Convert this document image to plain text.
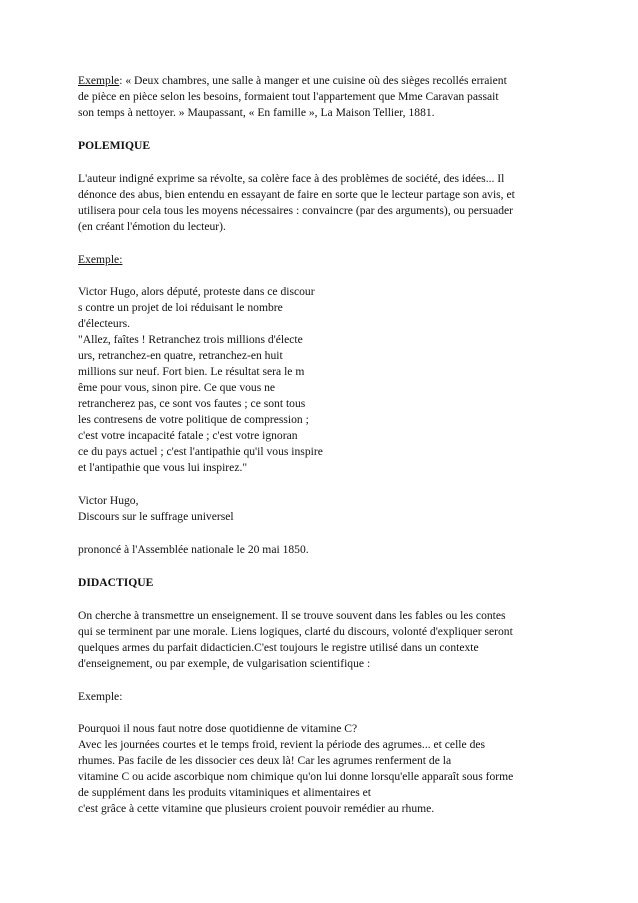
Exemple: « Deux chambres, une salle à manger et une cuisine où des sièges recollés erraient
de pièce en pièce selon les besoins, formaient tout l'appartement que Mme Caravan passait
son temps à nettoyer. » Maupassant, « En famille », La Maison Tellier, 1881.

POLEMIQUE

L'auteur indigné exprime sa révolte, sa colère face à des problèmes de société, des idées... Il
dénonce des abus, bien entendu en essayant de faire en sorte que le lecteur partage son avis, et
utilisera pour cela tous les moyens nécessaires : convaincre (par des arguments), ou persuader
(en créant l'émotion du lecteur).

Exemple:

Victor Hugo, alors député, proteste dans ce discour
s contre un projet de loi réduisant le nombre
d'électeurs.
"Allez, faîtes ! Retranchez trois millions d'électe
urs, retranchez-en quatre, retranchez-en huit
millions sur neuf. Fort bien. Le résultat sera le m
ême pour vous, sinon pire. Ce que vous ne
retrancherez pas, ce sont vos fautes ; ce sont tous
les contresens de votre politique de compression ;
c'est votre incapacité fatale ; c'est votre ignoran
ce du pays actuel ; c'est l'antipathie qu'il vous inspire
et l'antipathie que vous lui inspirez."

Victor Hugo,
Discours sur le suffrage universel

prononcé à l'Assemblée nationale le 20 mai 1850.

DIDACTIQUE

On cherche à transmettre un enseignement. Il se trouve souvent dans les fables ou les contes
qui se terminent par une morale. Liens logiques, clarté du discours, volonté d'expliquer seront
quelques armes du parfait didacticien.C'est toujours le registre utilisé dans un contexte
d'enseignement, ou par exemple, de vulgarisation scientifique :

Exemple:

Pourquoi il nous faut notre dose quotidienne de vitamine C?
Avec les journées courtes et le temps froid, revient la période des agrumes... et celle des
rhumes. Pas facile de les dissocier ces deux là! Car les agrumes renferment de la
vitamine C ou acide ascorbique nom chimique qu'on lui donne lorsqu'elle apparaît sous forme
de supplément dans les produits vitaminiques et alimentaires et
c'est grâce à cette vitamine que plusieurs croient pouvoir remédier au rhume.
